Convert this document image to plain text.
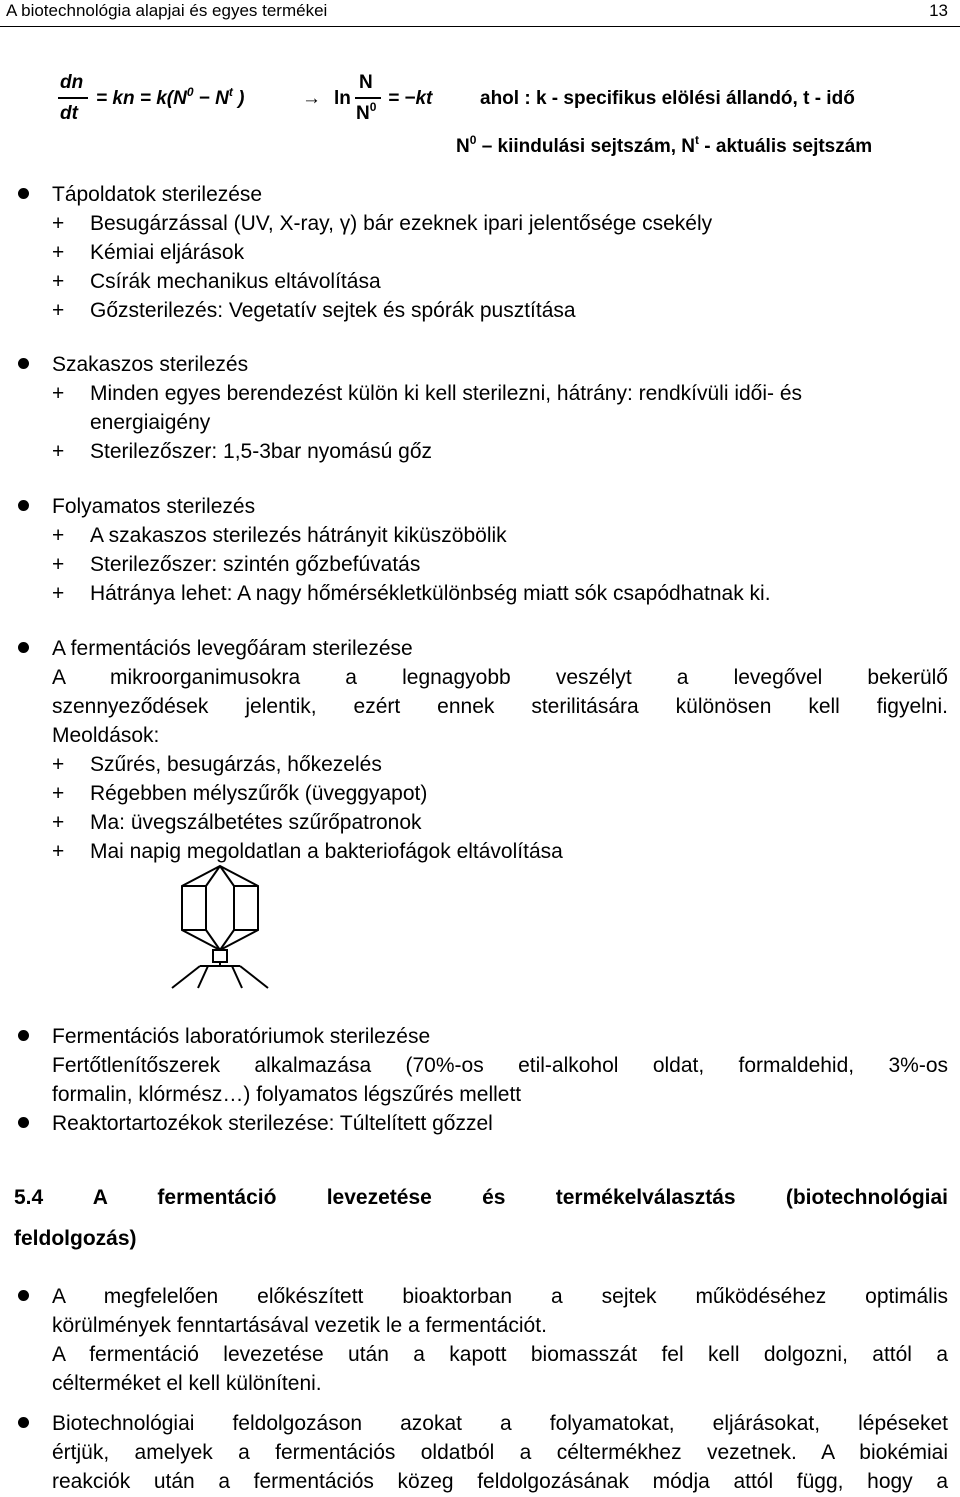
A biotechnológia alapjai és egyes termékei	13
dn
dt
= kn = $k(N^0 - N^t$ )	→ ln
N
$N^0 = -kt$	ahol : k - specifikus elölési állandó, t - idő
$N^0$ – kiindulási sejtszám, $N^t$ - aktuális sejtszám
Tápoldatok sterilezése
+ Besugárzással (UV, X-ray, γ) bár ezeknek ipari jelentősége csekély
+ Kémiai eljárások
+ Csírák mechanikus eltávolítása
+ Gőzsterilezés: Vegetatív sejtek és spórák pusztítása
Szakaszos sterilezés
+ Minden egyes berendezést külön ki kell sterilezni, hátrány: rendkívüli idői- és
energiaigény
+ Sterilezőszer: 1,5-3bar nyomású gőz
Folyamatos sterilezés
+ A szakaszos sterilezés hátrányit kiküszöbölik
+ Sterilezőszer: szintén gőzbefúvatás
+ Hátránya lehet: A nagy hőmérsékletkülönbség miatt sók csapódhatnak ki.
A fermentációs levegőáram sterilezése
A mikroorganimusokra a legnagyobb veszélyt a levegővel bekerülő
szennyeződések jelentik, ezért ennek sterilitására különösen kell figyelni.
Meoldások:
+ Szűrés, besugárzás, hőkezelés
+ Régebben mélyszűrők (üveggyapot)
+ Ma: üvegszálbetétes szűrőpatronok
+ Mai napig megoldatlan a bakteriofágok eltávolítása
Fermentációs laboratóriumok sterilezése
Fertőtlenítőszerek alkalmazása (70%-os etil-alkohol oldat, formaldehid, 3%-os
formalin, klórmész…) folyamatos légszűrés mellett
Reaktortartozékok sterilezése: Túltelített gőzzel
5.4 A fermentáció levezetése és termékelválasztás (biotechnológiai
feldolgozás)
A megfelelően előkészített bioaktorban a sejtek működéséhez optimális
körülmények fenntartásával vezetik le a fermentációt.
A fermentáció levezetése után a kapott biomasszát fel kell dolgozni, attól a
célterméket el kell különíteni.
Biotechnológiai feldolgozáson azokat a folyamatokat, eljárásokat, lépéseket
értjük, amelyek a fermentációs oldatból a céltermékhez vezetnek. A biokémiai
reakciók után a fermentációs közeg feldolgozásának módja attól függ, hogy a
